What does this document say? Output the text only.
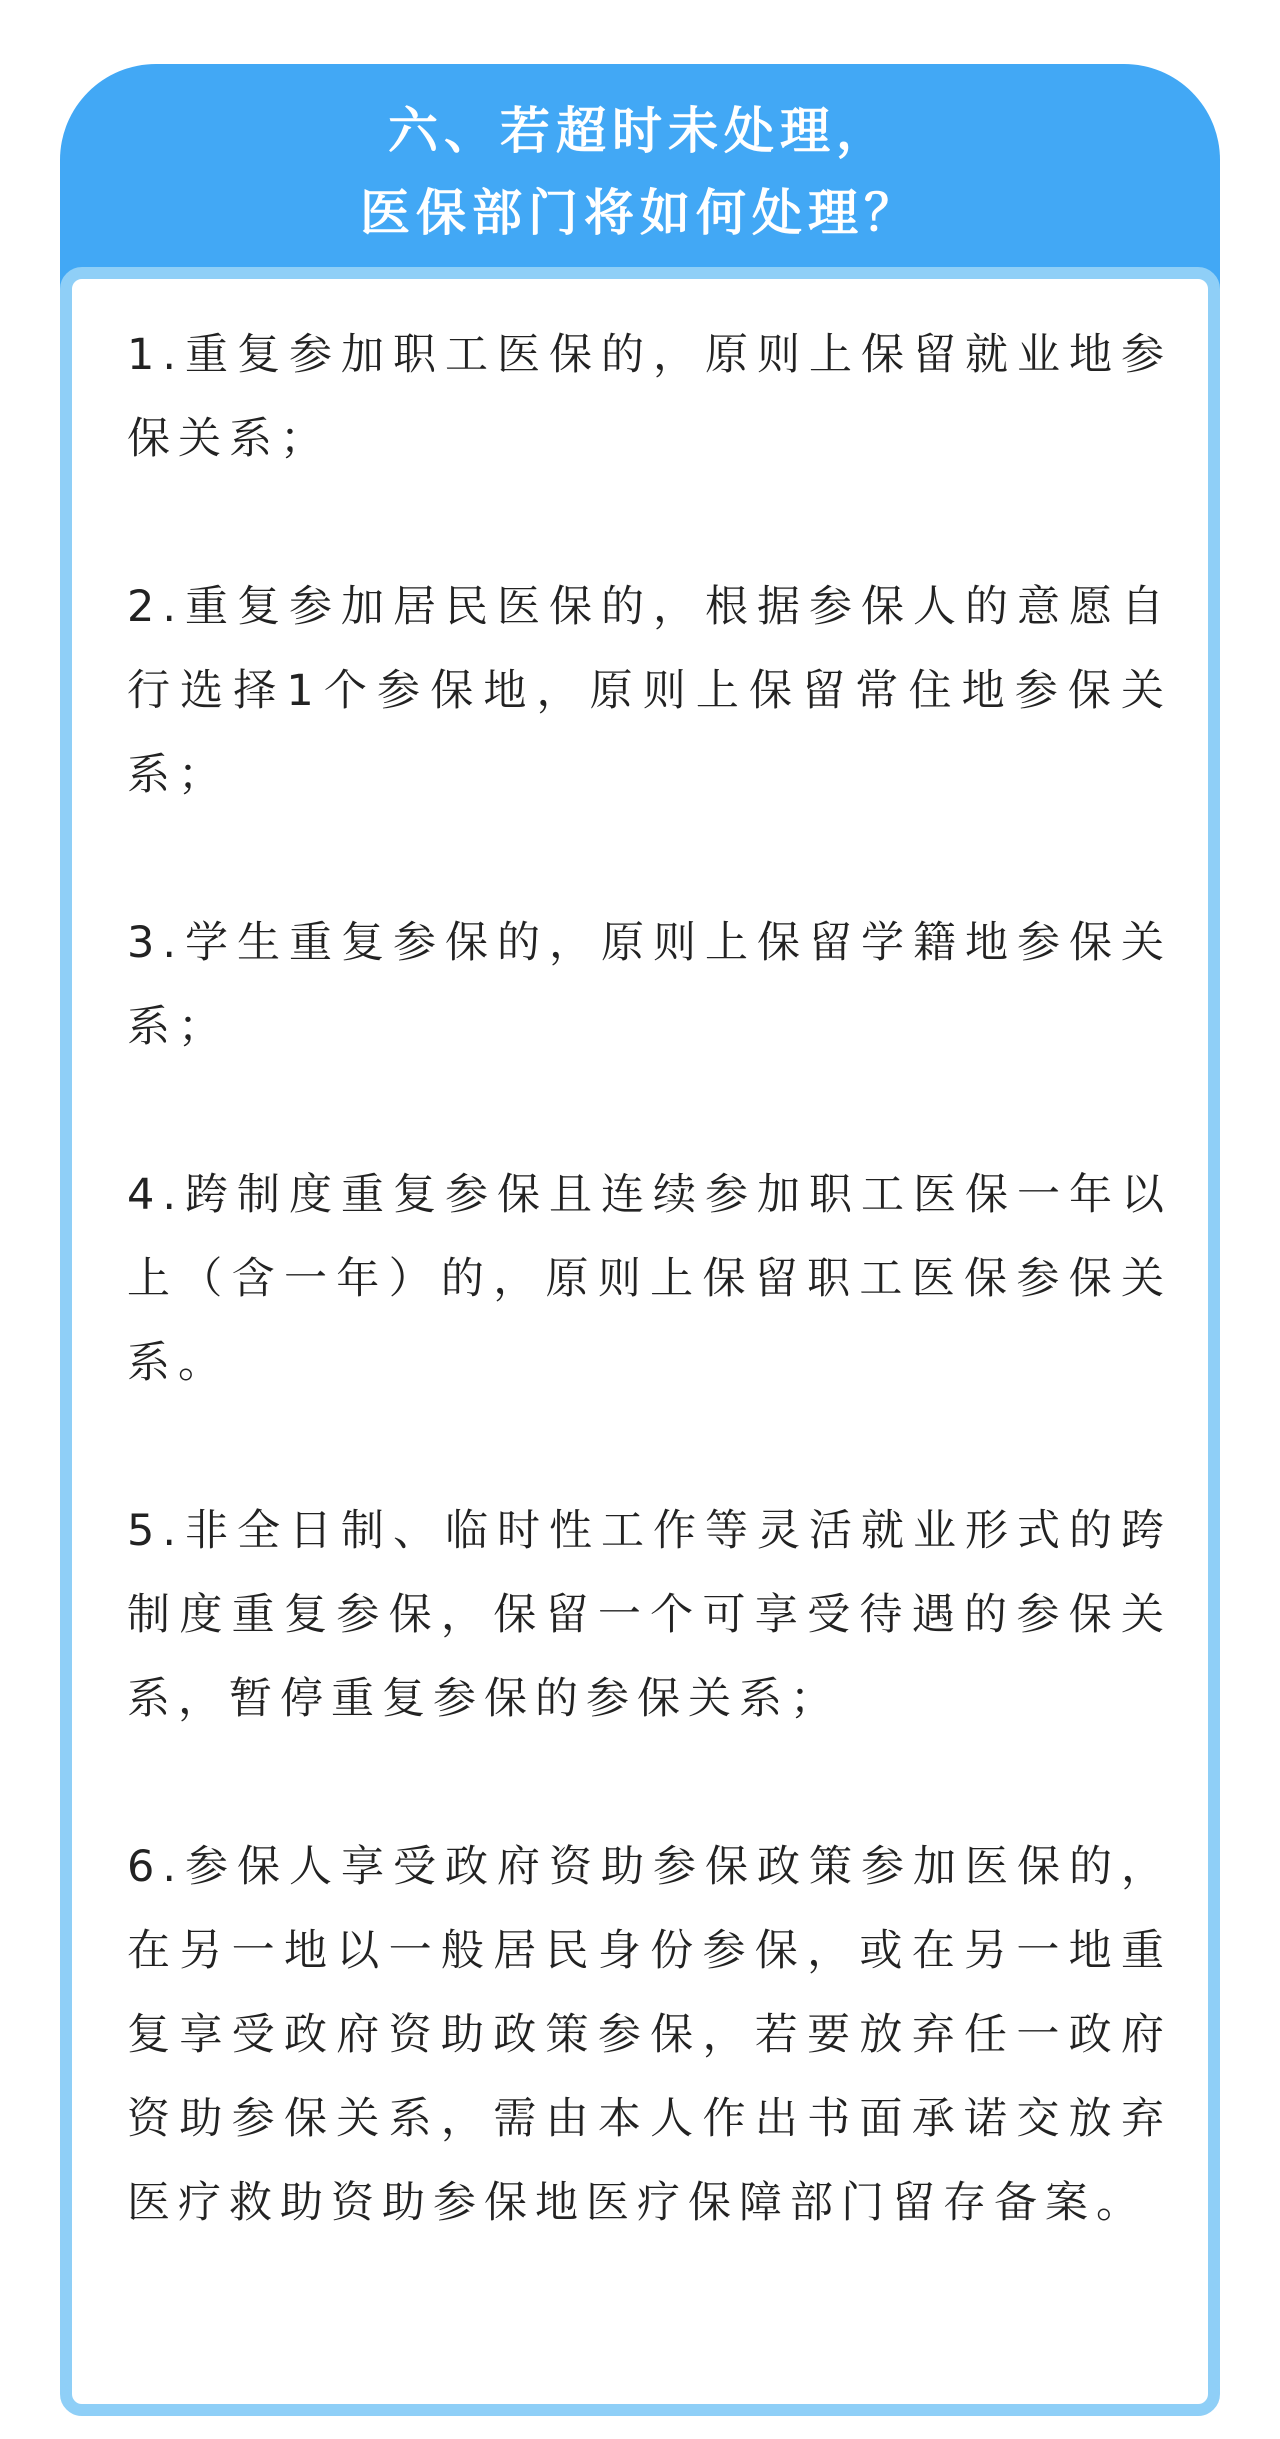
六、若超时未处理，
医保部门将如何处理？
1.重复参加职工医保的，原则上保留就业地参保关系；
2.重复参加居民医保的，根据参保人的意愿自行选择1个参保地，原则上保留常住地参保关系；
3.学生重复参保的，原则上保留学籍地参保关系；
4.跨制度重复参保且连续参加职工医保一年以上（含一年）的，原则上保留职工医保参保关系。
5.非全日制、临时性工作等灵活就业形式的跨制度重复参保，保留一个可享受待遇的参保关系，暂停重复参保的参保关系；
6.参保人享受政府资助参保政策参加医保的，在另一地以一般居民身份参保，或在另一地重复享受政府资助政策参保，若要放弃任一政府资助参保关系，需由本人作出书面承诺交放弃医疗救助资助参保地医疗保障部门留存备案。
